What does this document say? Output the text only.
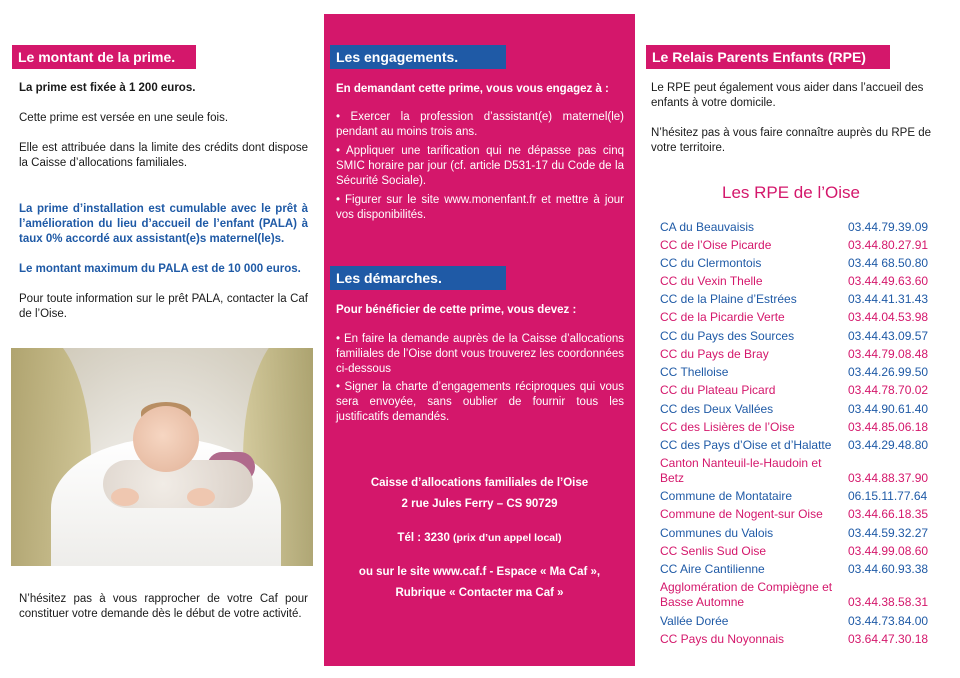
Le montant de la prime.
La prime est fixée à 1 200 euros.
Cette prime est versée en une seule fois.
Elle est attribuée dans la limite des crédits dont dispose la Caisse d’allocations familiales.
La prime d’installation est cumulable avec le prêt à l’amélioration du lieu d’accueil de l’enfant (PALA) à taux 0% accordé aux assistant(e)s maternel(le)s.
Le montant maximum du PALA est de 10 000 euros.
Pour toute information sur le prêt PALA, contacter la Caf de l’Oise.
N’hésitez pas à vous rapprocher de votre Caf pour constituer votre demande dès le début de votre activité.
Les engagements.
En demandant cette prime, vous vous engagez à :
• Exercer la profession d’assistant(e) maternel(le) pendant au moins trois ans.
• Appliquer une tarification qui ne dépasse pas cinq SMIC horaire par jour (cf. article D531-17 du Code de la Sécurité Sociale).
• Figurer sur le site www.monenfant.fr et mettre à jour vos disponibilités.
Les démarches.
Pour bénéficier de cette prime, vous devez :
• En faire la demande auprès de la Caisse d’allocations familiales de l’Oise dont vous trouverez les coordonnées ci-dessous
• Signer la charte d’engagements réciproques qui vous sera envoyée, sans oublier de fournir tous les justificatifs demandés.
Caisse d’allocations familiales de l’Oise
2 rue Jules Ferry – CS 90729
Tél : 3230 (prix d’un appel local)
ou sur le site www.caf.f - Espace « Ma Caf »,
Rubrique « Contacter ma Caf »
Le Relais Parents Enfants (RPE)
Le RPE peut également vous aider dans l’accueil des enfants à votre domicile.
N’hésitez pas à vous faire connaître auprès du RPE de votre territoire.
Les RPE de l’Oise
CA du Beauvaisis	03.44.79.39.09
CC de l’Oise Picarde	03.44.80.27.91
CC du Clermontois	03.44 68.50.80
CC du Vexin Thelle	03.44.49.63.60
CC de la Plaine d’Estrées	03.44.41.31.43
CC de la Picardie Verte	03.44.04.53.98
CC du Pays des Sources	03.44.43.09.57
CC du Pays de Bray	03.44.79.08.48
CC Thelloise	03.44.26.99.50
CC du Plateau Picard	03.44.78.70.02
CC des Deux Vallées	03.44.90.61.40
CC des Lisières de l’Oise	03.44.85.06.18
CC des Pays d’Oise et d’Halatte	03.44.29.48.80
Canton Nanteuil-le-Haudoin et Betz	03.44.88.37.90
Commune de Montataire	06.15.11.77.64
Commune de Nogent-sur Oise	03.44.66.18.35
Communes du Valois	03.44.59.32.27
CC Senlis Sud Oise	03.44.99.08.60
CC Aire Cantilienne	03.44.60.93.38
Agglomération de Compiègne et Basse Automne	03.44.38.58.31
Vallée Dorée	03.44.73.84.00
CC Pays du Noyonnais	03.64.47.30.18
